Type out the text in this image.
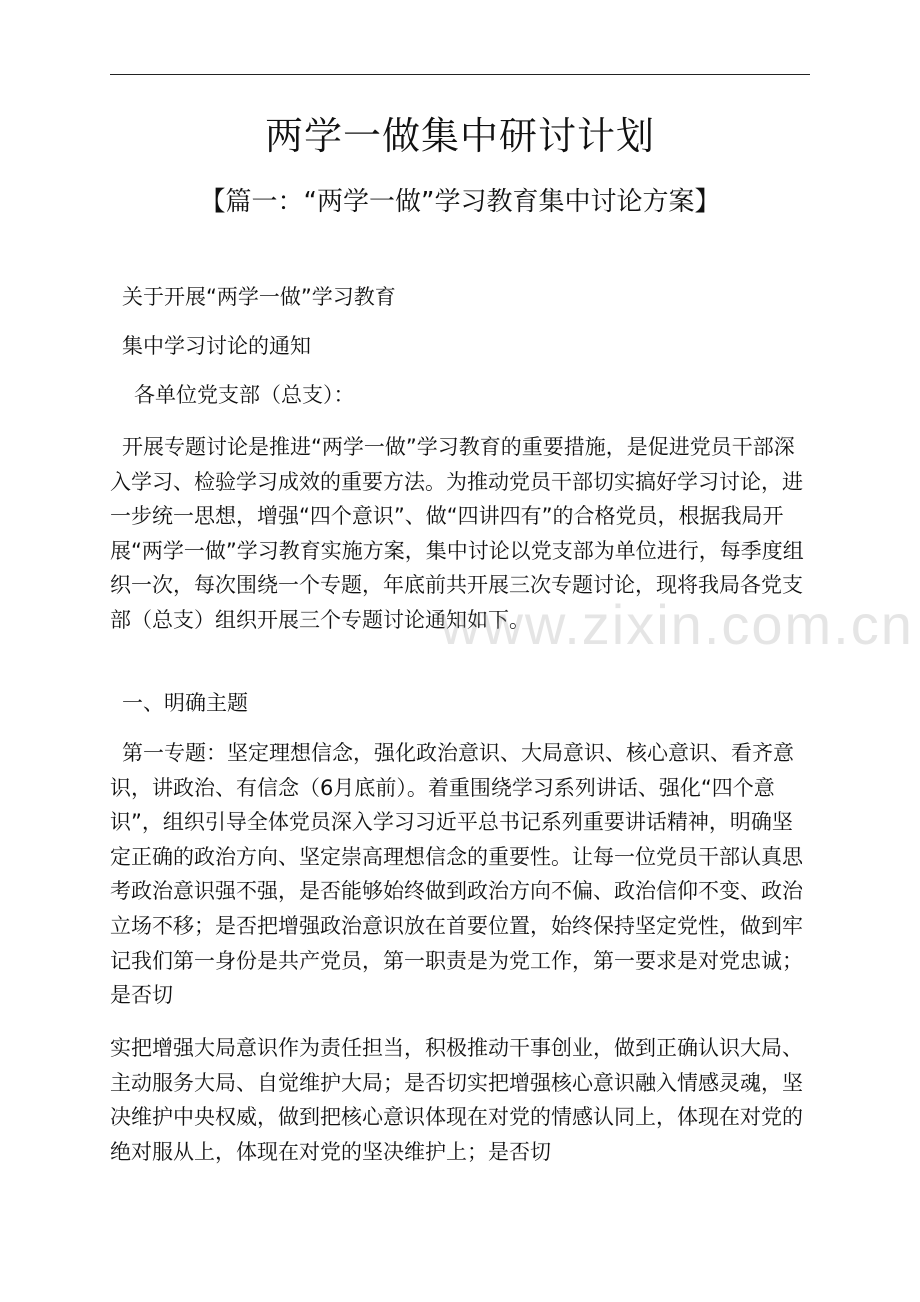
两学一做集中研讨计划
【篇一：“两学一做”学习教育集中讨论方案】
关于开展“两学一做”学习教育
集中学习讨论的通知
各单位党支部（总支）：

开展专题讨论是推进“两学一做”学习教育的重要措施，是促进党员干部深入学习、检验学习成效的重要方法。为推动党员干部切实搞好学习讨论，进一步统一思想，增强“四个意识”、做“四讲四有”的合格党员，根据我局开展“两学一做”学习教育实施方案，集中讨论以党支部为单位进行，每季度组织一次，每次围绕一个专题，年底前共开展三次专题讨论，现将我局各党支部（总支）组织开展三个专题讨论通知如下。

一、明确主题

第一专题：坚定理想信念，强化政治意识、大局意识、核心意识、看齐意识，讲政治、有信念（6月底前）。着重围绕学习系列讲话、强化“四个意识”，组织引导全体党员深入学习习近平总书记系列重要讲话精神，明确坚定正确的政治方向、坚定崇高理想信念的重要性。让每一位党员干部认真思考政治意识强不强，是否能够始终做到政治方向不偏、政治信仰不变、政治立场不移；是否把增强政治意识放在首要位置，始终保持坚定党性，做到牢记我们第一身份是共产党员，第一职责是为党工作，第一要求是对党忠诚；是否切

实把增强大局意识作为责任担当，积极推动干事创业，做到正确认识大局、主动服务大局、自觉维护大局；是否切实把增强核心意识融入情感灵魂，坚决维护中央权威，做到把核心意识体现在对党的情感认同上，体现在对党的绝对服从上，体现在对党的坚决维护上；是否切

www.zixin.com.cn
